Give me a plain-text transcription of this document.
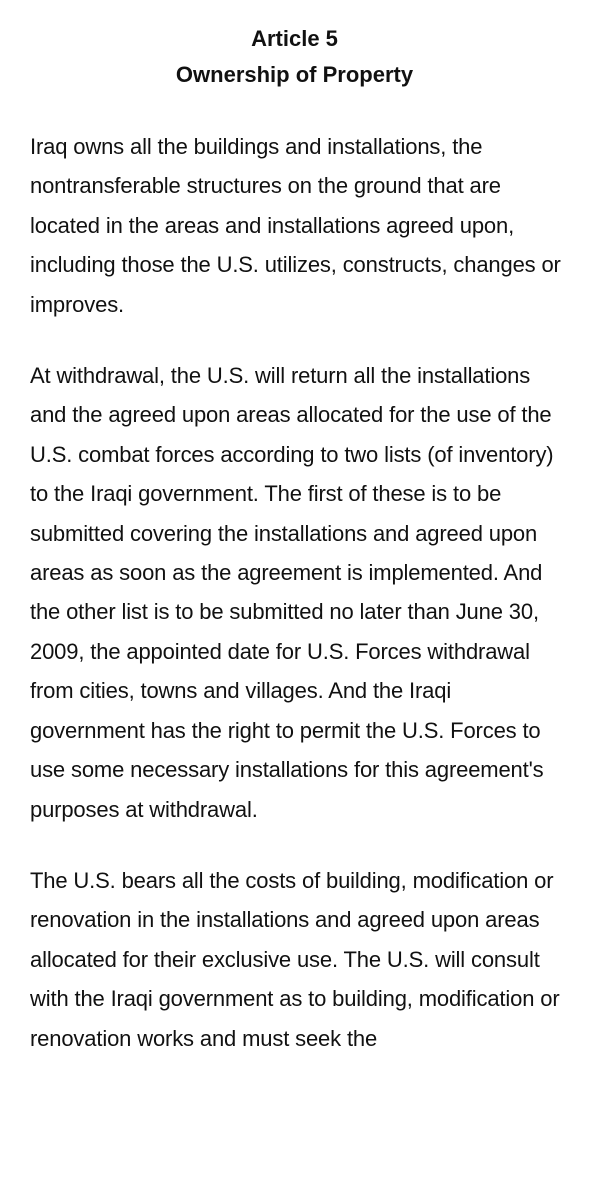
Article 5
Ownership of Property

Iraq owns all the buildings and installations, the nontransferable structures on the ground that are located in the areas and installations agreed upon, including those the U.S. utilizes, constructs, changes or improves.

At withdrawal, the U.S. will return all the installations and the agreed upon areas allocated for the use of the U.S. combat forces according to two lists (of inventory) to the Iraqi government. The first of these is to be submitted covering the installations and agreed upon areas as soon as the agreement is implemented. And the other list is to be submitted no later than June 30, 2009, the appointed date for U.S. Forces withdrawal from cities, towns and villages. And the Iraqi government has the right to permit the U.S. Forces to use some necessary installations for this agreement's purposes at withdrawal.

The U.S. bears all the costs of building, modification or renovation in the installations and agreed upon areas allocated for their exclusive use. The U.S. will consult with the Iraqi government as to building, modification or renovation works and must seek the
